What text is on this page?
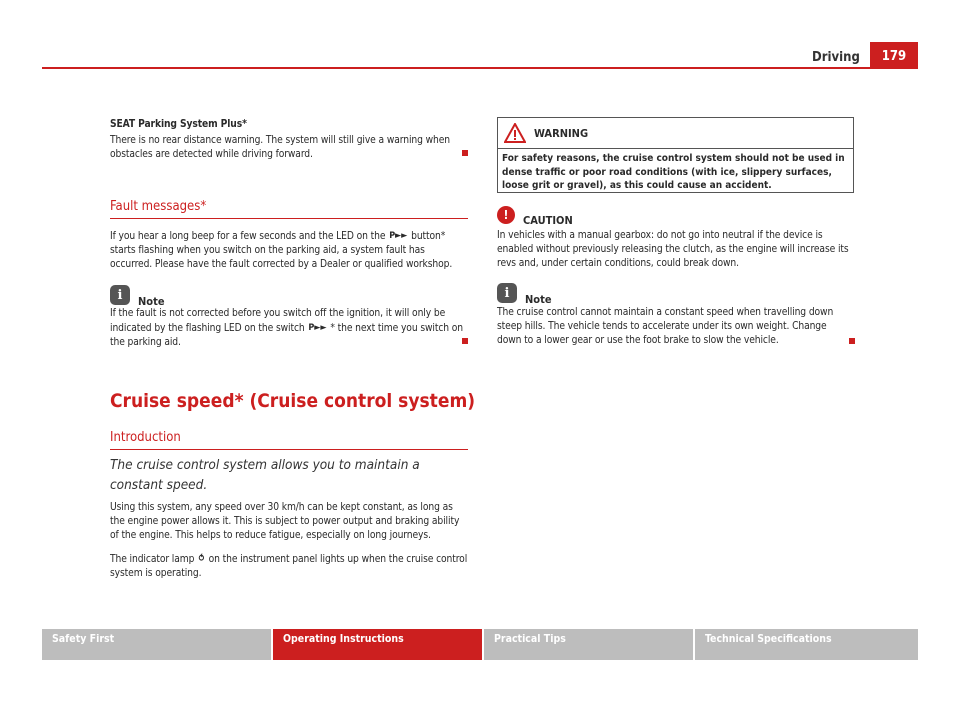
Driving	179

SEAT Parking System Plus*

There is no rear distance warning. The system will still give a warning when obstacles are detected while driving forward.

Fault messages*

If you hear a long beep for a few seconds and the LED on the P►► button* starts flashing when you switch on the parking aid, a system fault has occurred. Please have the fault corrected by a Dealer or qualified workshop.

i	Note

If the fault is not corrected before you switch off the ignition, it will only be indicated by the flashing LED on the switch P►► * the next time you switch on the parking aid.

Cruise speed* (Cruise control system)
Introduction
The cruise control system allows you to maintain a constant speed.

Using this system, any speed over 30 km/h can be kept constant, as long as the engine power allows it. This is subject to power output and braking ability of the engine. This helps to reduce fatigue, especially on long journeys.

The indicator lamp ⥀ on the instrument panel lights up when the cruise control system is operating.

WARNING
For safety reasons, the cruise control system should not be used in dense traffic or poor road conditions (with ice, slippery surfaces, loose grit or gravel), as this could cause an accident.
!	CAUTION

In vehicles with a manual gearbox: do not go into neutral if the device is enabled without previously releasing the clutch, as the engine will increase its revs and, under certain conditions, could break down.

i	Note

The cruise control cannot maintain a constant speed when travelling down steep hills. The vehicle tends to accelerate under its own weight. Change down to a lower gear or use the foot brake to slow the vehicle.

Safety First	Operating Instructions	Practical Tips	Technical Specifications
